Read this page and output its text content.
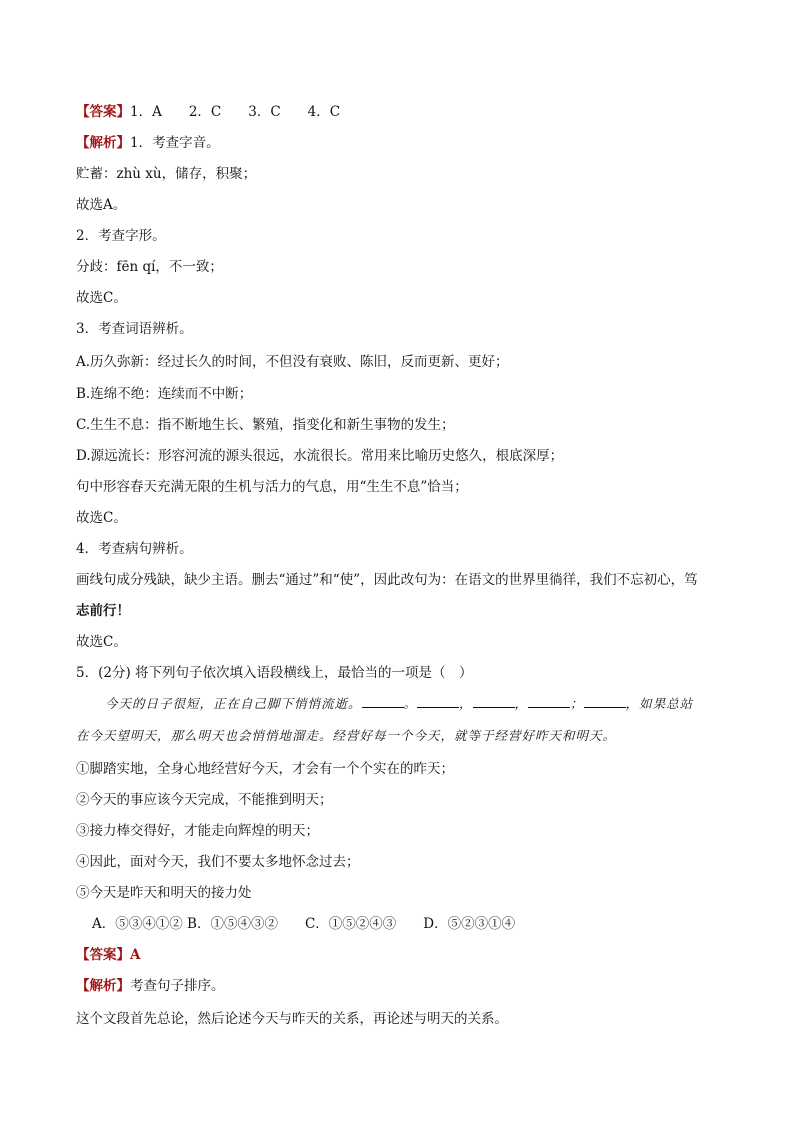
【答案】1．A　　2．C　　3．C　　4．C
【解析】1．考查字音。
贮蓄：zhù xù，储存，积聚；
故选A。
2．考查字形。
分歧：fēn qí，不一致；
故选C。
3．考查词语辨析。
A.历久弥新：经过长久的时间，不但没有衰败、陈旧，反而更新、更好；
B.连绵不绝：连续而不中断；
C.生生不息：指不断地生长、繁殖，指变化和新生事物的发生；
D.源远流长：形容河流的源头很远，水流很长。常用来比喻历史悠久，根底深厚；
句中形容春天充满无限的生机与活力的气息，用“生生不息”恰当；
故选C。
4．考查病句辨析。
画线句成分残缺，缺少主语。删去“通过”和“使”，因此改句为：在语文的世界里徜徉，我们不忘初心，笃
志前行！
故选C。
5．(2分) 将下列句子依次填入语段横线上，最恰当的一项是（　）
今天的日子很短，正在自己脚下悄悄流逝。	。	，	，	；	，如果总站
在今天望明天，那么明天也会悄悄地溜走。经营好每一个今天，就等于经营好昨天和明天。
①脚踏实地，全身心地经营好今天，才会有一个个实在的昨天；
②今天的事应该今天完成，不能推到明天；
③接力棒交得好，才能走向辉煌的明天；
④因此，面对今天，我们不要太多地怀念过去；
⑤今天是昨天和明天的接力处
A．⑤③④①② B．①⑤④③②　　C．①⑤②④③　　D．⑤②③①④
【答案】A
【解析】考查句子排序。
这个文段首先总论，然后论述今天与昨天的关系，再论述与明天的关系。
